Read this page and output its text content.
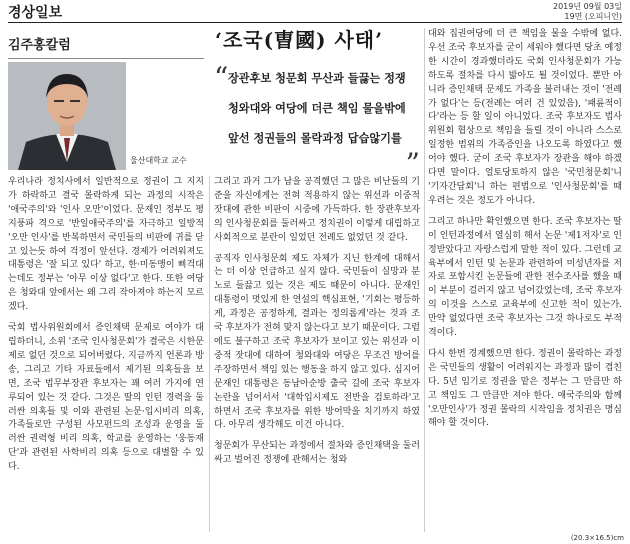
경상일보	2019년 09월 03일
19면 (오피니언)
김주홍칼럼	‘조국(曺國) 사태’
울산대학교 교수
“ 장관후보 청문회 무산과 들끓는 정쟁
청와대와 여당에 더큰 책임 물을밖에
앞선 정권들의 몰락과정 답습않기를
”

우리나라 정치사에서 일반적으로 정권이 그 지지가 하락하고 결국 몰락하게 되는 과정의 시작은 '애국주의'와 '인사 오만'이었다. 문재인 정부도 평지풍파 격으로 '반일애국주의'를 자극하고 일방적 '오만 인사'를 반복하면서 국민들의 비판에 귀를 닫고 있는듯 하여 걱정이 앞선다. 경제가 어려워져도 대통령은 '잘 되고 있다' 하고, 한·미동맹이 삐걱대는데도 정부는 '아무 이상 없다'고 한다. 또한 여당은 청와대 앞에서는 왜 그리 작아져야 하는지 모르겠다.

국회 법사위원회에서 증인채택 문제로 여야가 대립하더니, 소위 '조국 인사청문회'가 결국은 시한문제로 없던 것으로 되어버렸다. 지금까지 언론과 방송, 그리고 기타 자료들에서 제기된 의혹들을 보면, 조국 법무부장관 후보자는 꽤 여러 가지에 연루되어 있는 것 같다. 그것은 딸의 인턴 경력을 둘러싼 의혹들 및 이와 관련된 논문·입시비리 의혹, 가족들로만 구성된 사모펀드의 조성과 운영을 둘러싼 권력형 비리 의혹, 학교를 운영하는 '웅동재단'과 관련된 사학비리 의혹 등으로 대별할 수 있다.

그리고 과거 그가 남을 공격했던 그 많은 비난들의 기준을 자신에게는 전혀 적용하지 않는 위선과 이중적 잣대에 관한 비판이 시중에 가득하다. 한 장관후보자의 인사청문회를 둘러싸고 정치권이 이렇게 대립하고 사회적으로 분란이 일었던 전례도 없었던 것 같다.

공직자 인사청문회 제도 자체가 지닌 한계에 대해서는 더 이상 언급하고 싶지 않다. 국민들이 실망과 분노로 들끓고 있는 것은 제도 때문이 아니다. 문재인 대통령이 멋있게 한 연설의 핵심표현, '기회는 평등하게, 과정은 공정하게, 결과는 정의롭게'라는 것과 조국 후보자가 전혀 맞지 않는다고 보기 때문이다. 그럼에도 불구하고 조국 후보자가 보이고 있는 위선과 이중적 잣대에 대하여 청와대와 여당은 무조건 방어를 주장하면서 책임 있는 행동을 하지 않고 있다. 심지어 문재인 대통령은 동남아순방 출국 길에 조국 후보자 논란을 넘어서서 '대학입시제도 전반을 검토하라'고 하면서 조국 후보자를 위한 방어막을 치기까지 하였다. 아무리 생각해도 이건 아니다.

청문회가 무산되는 과정에서 절차와 증인채택을 둘러싸고 벌어진 정쟁에 관해서는 청와

대와 집권여당에 더 큰 책임을 물을 수밖에 없다. 우선 조국 후보자를 굳이 세워야 했다면 당초 예정한 시간이 경과했더라도 국회 인사청문회가 가능하도록 절차를 다시 밟아도 될 것이었다. 뿐만 아니라 증인채택 문제도 가족을 불러내는 것이 '전례가 없다'는 등(전례는 여러 건 있었음), '패륜적이다'라는 등 할 일이 아니었다. 조국 후보자도 법사위원회 협상으로 책임을 들릴 것이 아니라 스스로 일정한 범위의 가족증인을 나오도록 하였다고 했어야 했다. 굳이 조국 후보자가 장관을 해야 하겠다면 말이다. 얼토당토하지 않은 '국민청문회'니 '기자간담회'니 하는 편법으로 '인사청문회'를 때우려는 것은 정도가 아니다.

그리고 하나만 확인했으면 한다. 조국 후보자는 딸이 인턴과정에서 열심히 해서 논문 '제1저자'로 인정받았다고 자랑스럽게 말한 적이 있다. 그런데 교육부에서 인턴 및 논문과 관련하여 미성년자를 저자로 포함시킨 논문들에 관한 전수조사를 했을 때 이 부분이 걸러지 않고 넘어갔었는데, 조국 후보자의 이것을 스스로 교육부에 신고한 적이 있는가. 만약 없었다면 조국 후보자는 그것 하나로도 부적격이다.

다시 한번 경계했으면 한다. 정권이 몰락하는 과정은 국민들의 생활이 어려워지는 과정과 많이 겹친다. 5년 임기로 정권을 맡은 정부는 그 만큼만 하고 책임도 그 만큼만 져야 한다. 애국주의와 함께 '오만인사'가 정권 몰락의 시작임을 정치권은 명심해야 할 것이다.

(20.3×16.5)cm
